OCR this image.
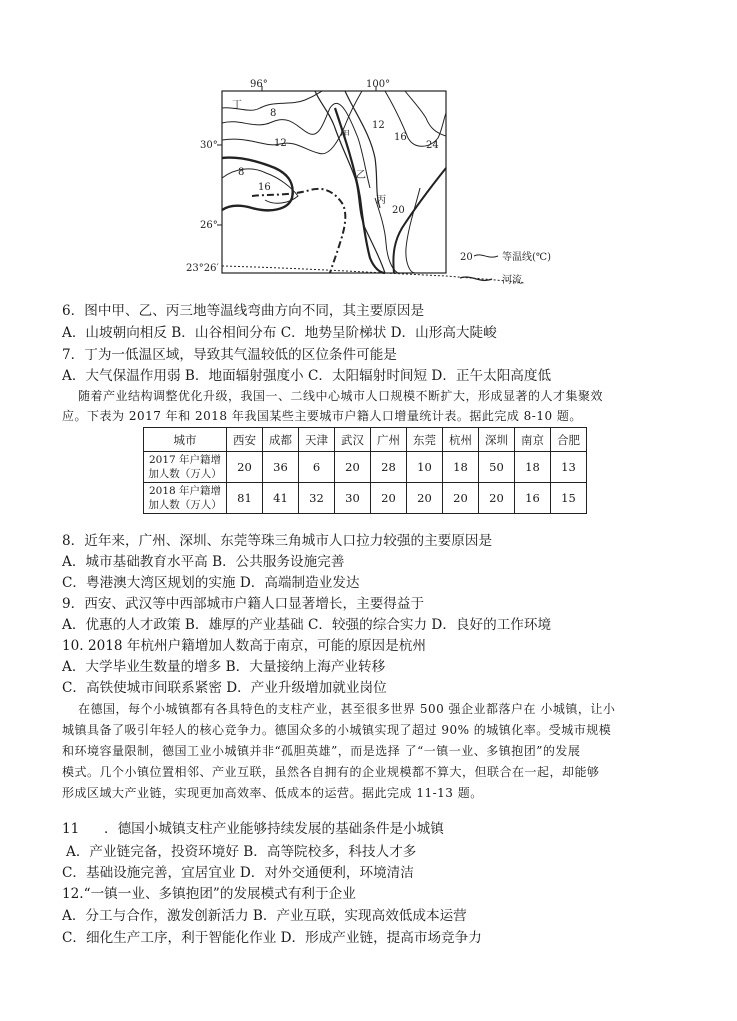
96°	100°
30°
26°
23°26′
8
12
16
24
12
16
8
20
丁
甲
乙
丙
20	等温线(℃)
河流
6．图中甲、乙、丙三地等温线弯曲方向不同，其主要原因是
A．山坡朝向相反 B．山谷相间分布 C．地势呈阶梯状 D．山形高大陡峻
7．丁为一低温区域，导致其气温较低的区位条件可能是
A．大气保温作用弱 B．地面辐射强度小 C．太阳辐射时间短 D．正午太阳高度低
随着产业结构调整优化升级，我国一、二线中心城市人口规模不断扩大，形成显著的人才集聚效
应。下表为 2017 年和 2018 年我国某些主要城市户籍人口增量统计表。据此完成 8-10 题。
城市	西安	成都	天津	武汉	广州	东莞	杭州	深圳	南京	合肥

2017 年户籍增
加人数（万人）	20	36	6	20	28	10	18	50	18	13

2018 年户籍增
加人数（万人）	81	41	32	30	20	20	20	20	16	15
8．近年来，广州、深圳、东莞等珠三角城市人口拉力较强的主要原因是
A．城市基础教育水平高 B．公共服务设施完善
C．粤港澳大湾区规划的实施 D．高端制造业发达
9．西安、武汉等中西部城市户籍人口显著增长，主要得益于
A．优惠的人才政策 B．雄厚的产业基础 C．较强的综合实力 D．良好的工作环境
10. 2018 年杭州户籍增加人数高于南京，可能的原因是杭州
A．大学毕业生数量的增多 B．大量接纳上海产业转移
C．高铁使城市间联系紧密 D．产业升级增加就业岗位
在德国，每个小城镇都有各具特色的支柱产业，甚至很多世界 500 强企业都落户在 小城镇，让小
城镇具备了吸引年轻人的核心竞争力。德国众多的小城镇实现了超过 90% 的城镇化率。受城市规模
和环境容量限制，德国工业小城镇并非“孤胆英雄”，而是选择 了“一镇一业、多镇抱团”的发展
模式。几个小镇位置相邻、产业互联，虽然各自拥有的企业规模都不算大，但联合在一起，却能够
形成区域大产业链，实现更加高效率、低成本的运营。据此完成 11-13 题。
11 ．德国小城镇支柱产业能够持续发展的基础条件是小城镇
A．产业链完备，投资环境好 B．高等院校多，科技人才多
C．基础设施完善，宜居宜业 D．对外交通便利，环境清洁
12.“一镇一业、多镇抱团”的发展模式有利于企业
A．分工与合作，激发创新活力 B．产业互联，实现高效低成本运营
C．细化生产工序，利于智能化作业 D．形成产业链，提高市场竞争力
